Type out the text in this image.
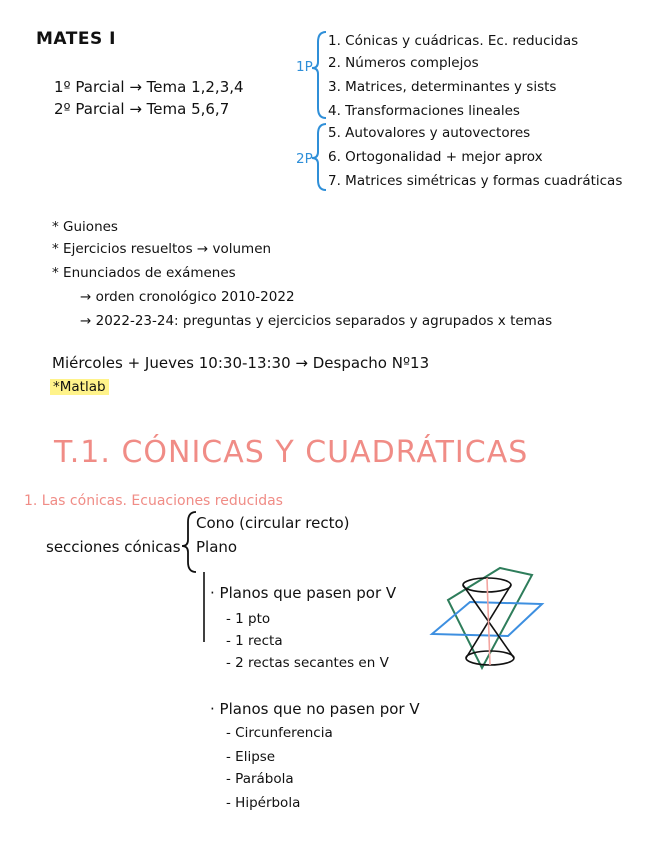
MATES I
1º Parcial → Tema 1,2,3,4
2º Parcial → Tema 5,6,7
1P
2P
1. Cónicas y cuádricas. Ec. reducidas
2. Números complejos
3. Matrices, determinantes y sists
4. Transformaciones lineales
5. Autovalores y autovectores
6. Ortogonalidad + mejor aprox
7. Matrices simétricas y formas cuadráticas
* Guiones
* Ejercicios resueltos → volumen
* Enunciados de exámenes
→ orden cronológico 2010-2022
→ 2022-23-24: preguntas y ejercicios separados y agrupados x temas
Miércoles + Jueves 10:30-13:30 → Despacho Nº13
*Matlab
T.1. CÓNICAS Y CUADRÁTICAS
1. Las cónicas. Ecuaciones reducidas
secciones cónicas
Cono (circular recto)
Plano
· Planos que pasen por V
- 1 pto
- 1 recta
- 2 rectas secantes en V
· Planos que no pasen por V
- Circunferencia
- Elipse
- Parábola
- Hipérbola
